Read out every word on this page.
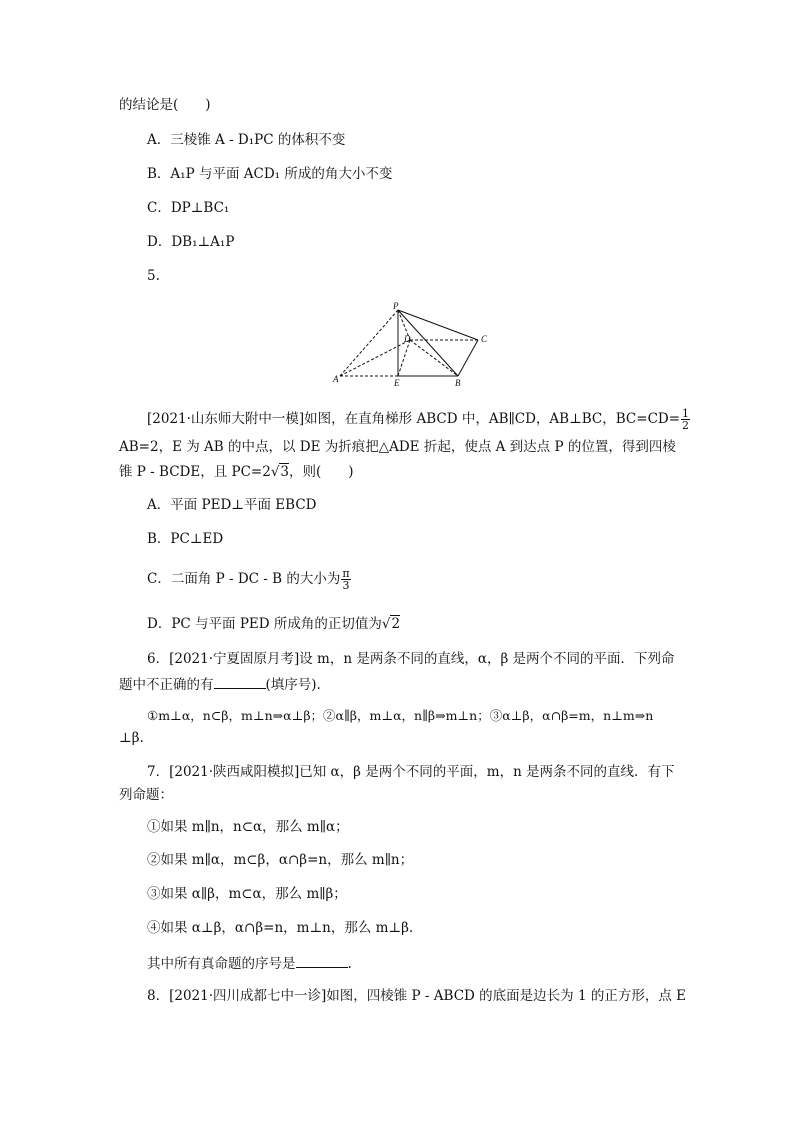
的结论是(　　)
A．三棱锥 A - D₁PC 的体积不变
B．A₁P 与平面 ACD₁ 所成的角大小不变
C．DP⊥BC₁
D．DB₁⊥A₁P
5.
P
D	C
A	E	B
[2021·山东师大附中一模]如图，在直角梯形 ABCD 中，AB∥CD，AB⊥BC，$BC=CD= \frac{1}{2}$
AB=2，E 为 AB 的中点，以 DE 为折痕把△ADE 折起，使点 A 到达点 P 的位置，得到四棱
锥 P - BCDE，且 PC=2√3，则(　　)
A．平面 PED⊥平面 EBCD
B．PC⊥ED
C．二面角 P - DC - B 的大小为 $\frac{\pi}{3}$
D．PC 与平面 PED 所成角的正切值为√2
6．[2021·宁夏固原月考]设 m，n 是两条不同的直线，α，β 是两个不同的平面．下列命
题中不正确的有	(填序号).
①m⊥α，n⊂β，m⊥n⇒α⊥β；②α∥β，m⊥α，n∥β⇒m⊥n；③α⊥β，α∩β=m，n⊥m⇒n
⊥β.
7．[2021·陕西咸阳模拟]已知 α，β 是两个不同的平面，m，n 是两条不同的直线．有下
列命题：
①如果 m∥n，n⊂α，那么 m∥α；
②如果 m∥α，m⊂β，α∩β=n，那么 m∥n；
③如果 α∥β，m⊂α，那么 m∥β；
④如果 α⊥β，α∩β=n，m⊥n，那么 m⊥β.
其中所有真命题的序号是	.
8．[2021·四川成都七中一诊]如图，四棱锥 P - ABCD 的底面是边长为 1 的正方形，点 E
